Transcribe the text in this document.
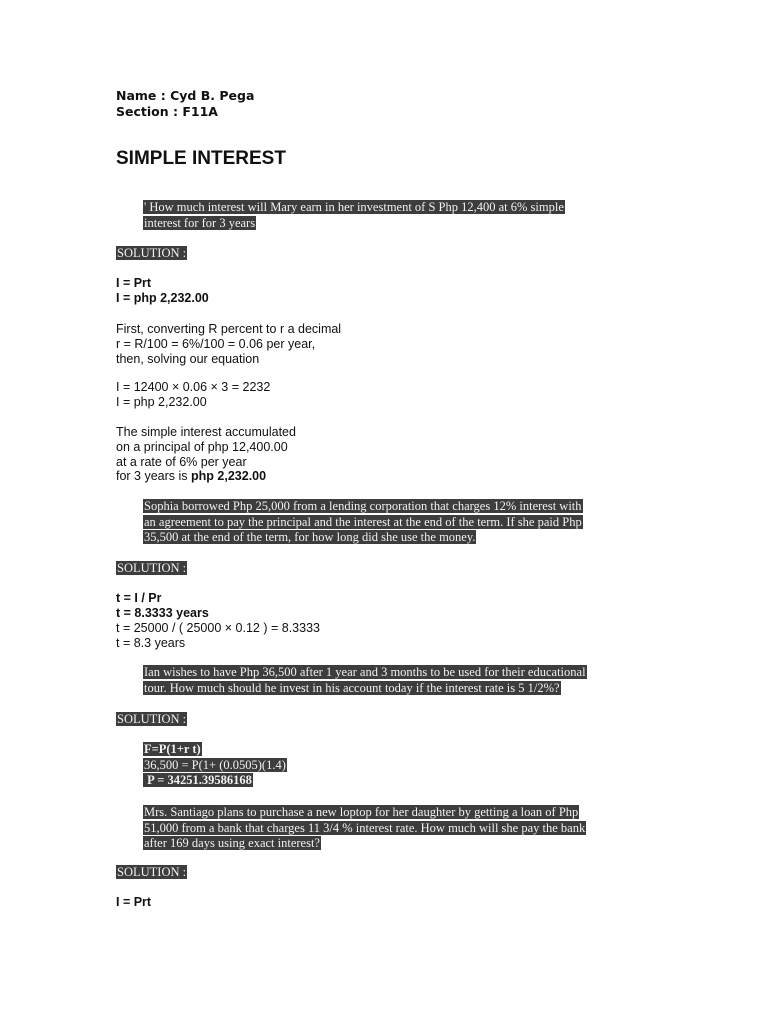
Name : Cyd B. Pega
Section : F11A
SIMPLE INTEREST
' How much interest will Mary earn in her investment of S Php 12,400 at 6% simple
interest for for 3 years
SOLUTION :
I = Prt
I = php 2,232.00
First, converting R percent to r a decimal
r = R/100 = 6%/100 = 0.06 per year,
then, solving our equation
I = 12400 × 0.06 × 3 = 2232
I = php 2,232.00
The simple interest accumulated
on a principal of php 12,400.00
at a rate of 6% per year
for 3 years is php 2,232.00
Sophia borrowed Php 25,000 from a lending corporation that charges 12% interest with
an agreement to pay the principal and the interest at the end of the term. If she paid Php
35,500 at the end of the term, for how long did she use the money.
SOLUTION :
t = I / Pr
t = 8.3333 years
t = 25000 / ( 25000 × 0.12 ) = 8.3333
t = 8.3 years
Ian wishes to have Php 36,500 after 1 year and 3 months to be used for their educational
tour. How much should he invest in his account today if the interest rate is 5 1/2%?
SOLUTION :
F=P(1+r t)
36,500 = P(1+ (0.0505)(1.4)
P = 34251.39586168
Mrs. Santiago plans to purchase a new loptop for her daughter by getting a loan of Php
51,000 from a bank that charges 11 3/4 % interest rate. How much will she pay the bank
after 169 days using exact interest?
SOLUTION :
I = Prt
